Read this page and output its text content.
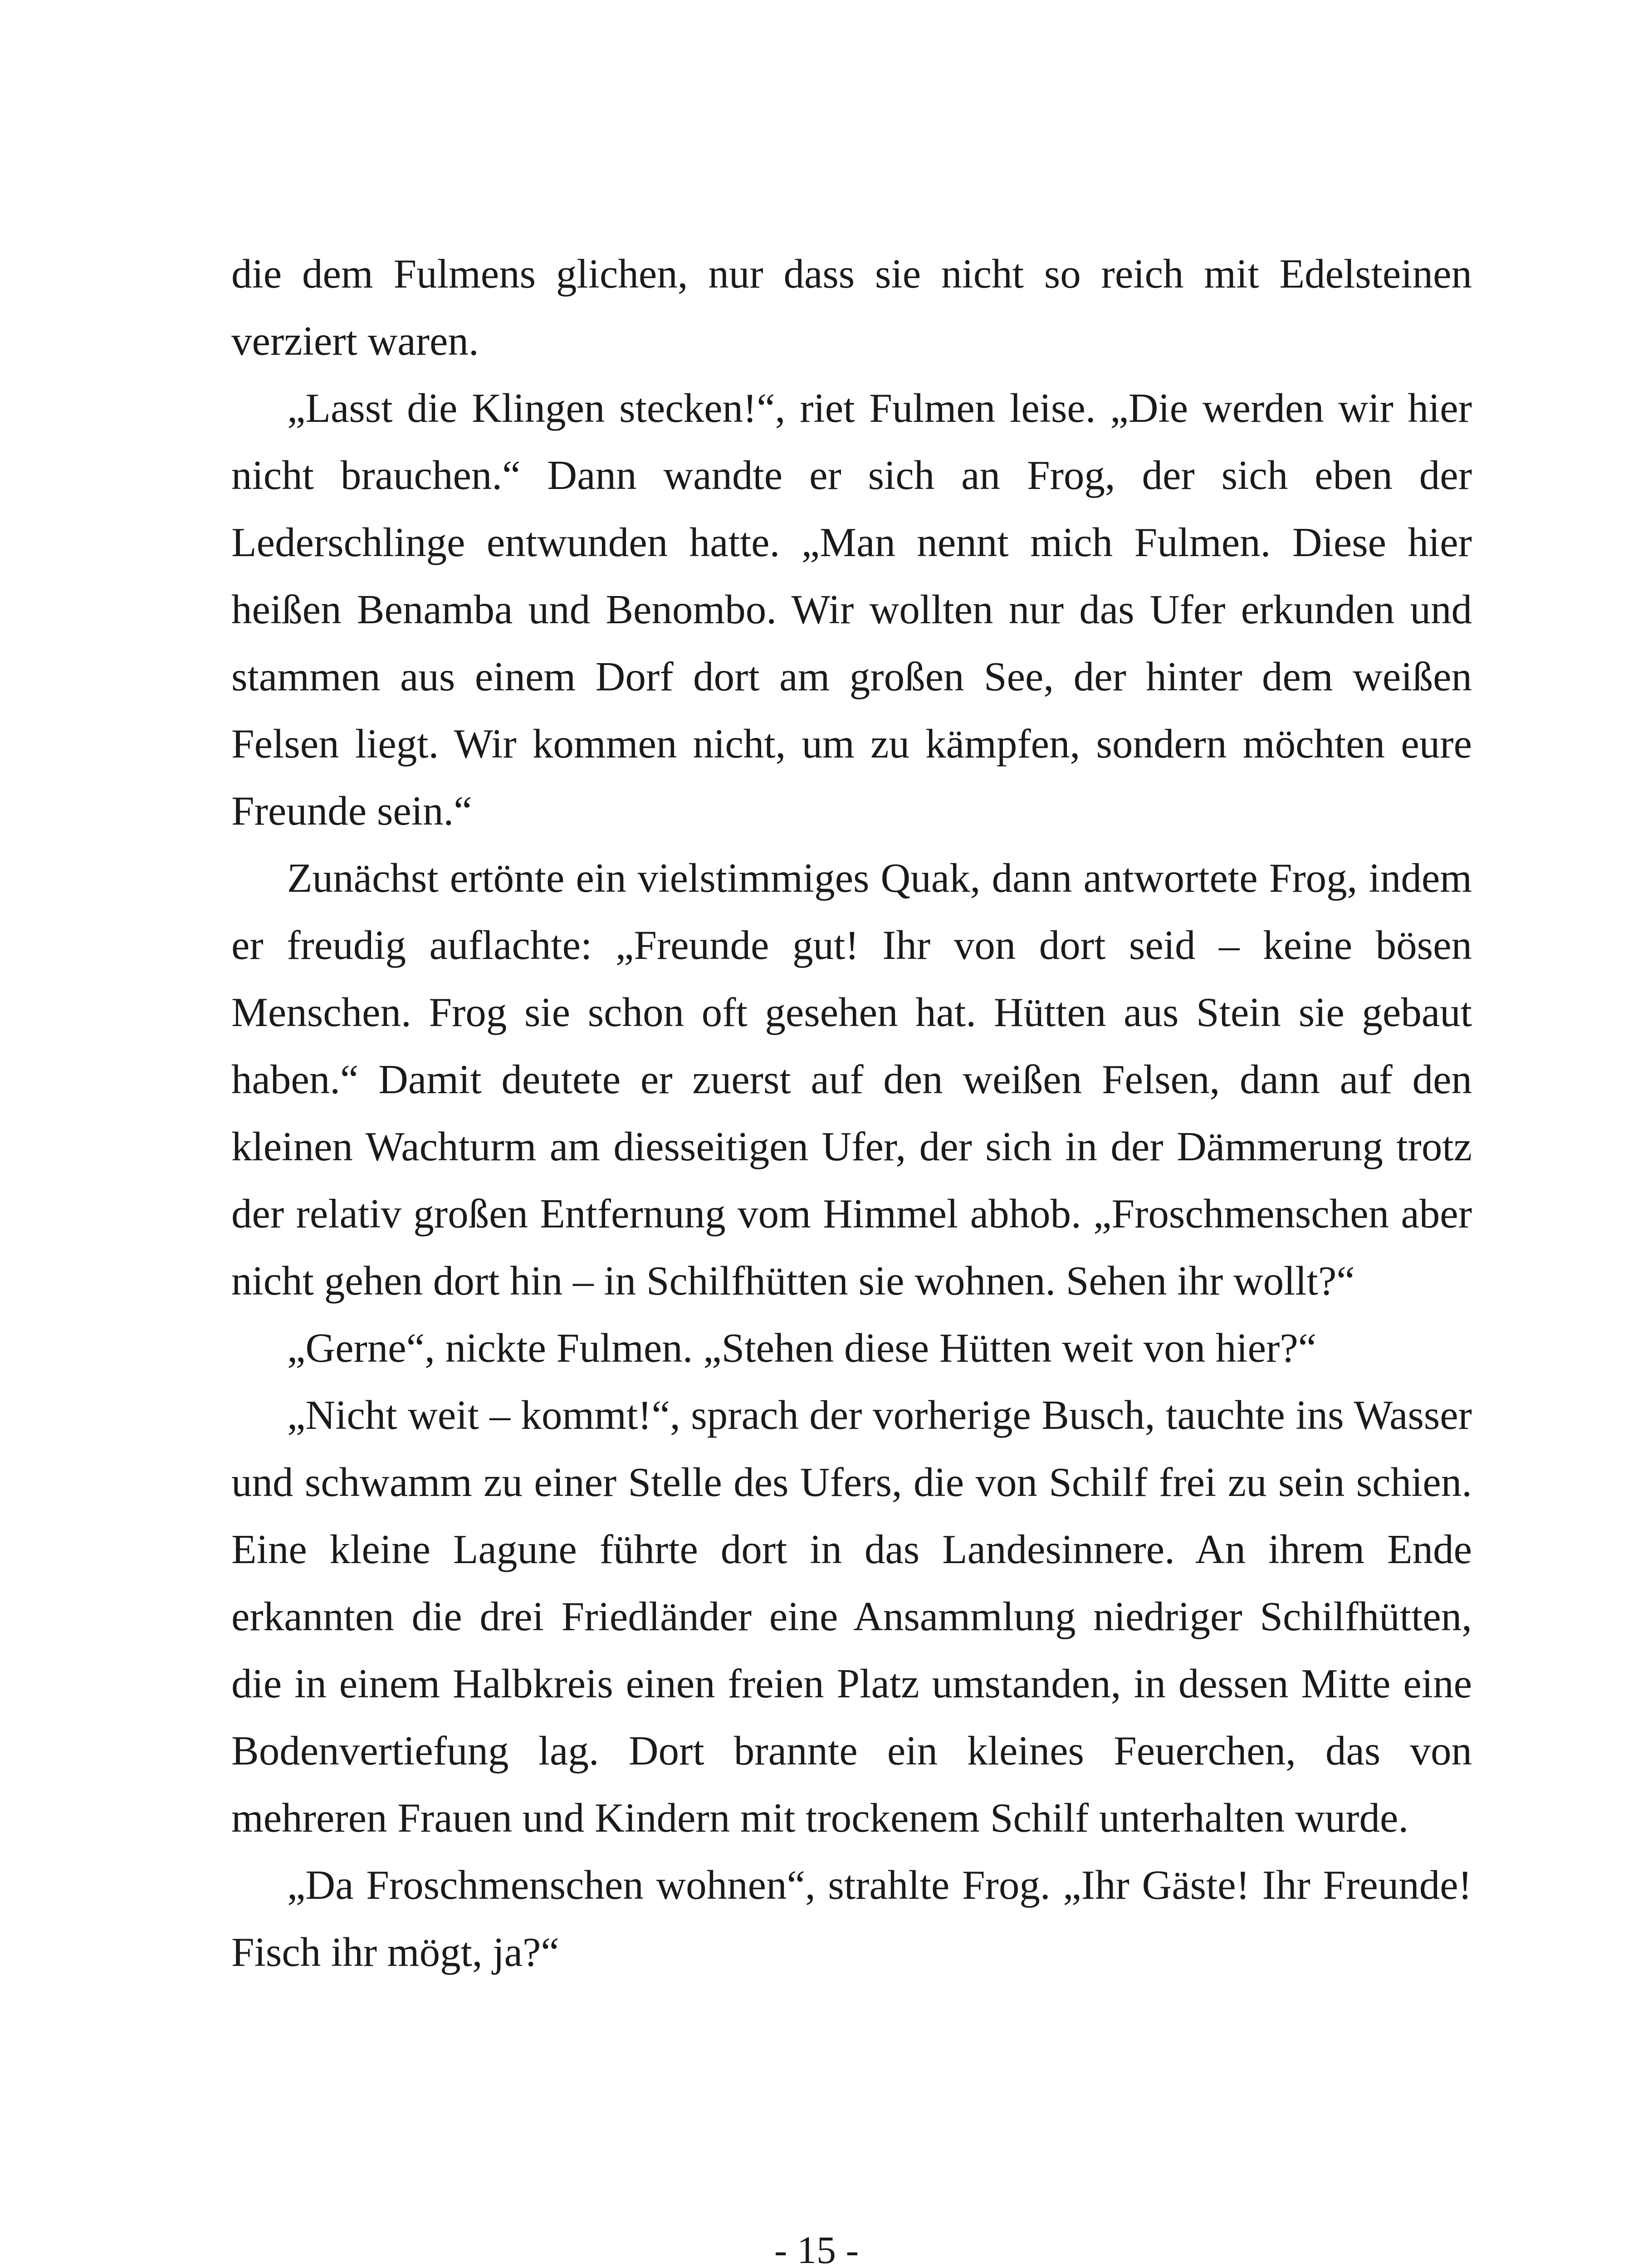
die dem Fulmens glichen, nur dass sie nicht so reich mit Edelsteinen verziert waren.

„Lasst die Klingen stecken!“, riet Fulmen leise. „Die werden wir hier nicht brauchen.“ Dann wandte er sich an Frog, der sich eben der Lederschlinge entwunden hatte. „Man nennt mich Fulmen. Diese hier heißen Benamba und Benombo. Wir wollten nur das Ufer erkunden und stammen aus einem Dorf dort am großen See, der hinter dem weißen Felsen liegt. Wir kommen nicht, um zu kämpfen, sondern möchten eure Freunde sein.“

Zunächst ertönte ein vielstimmiges Quak, dann antwortete Frog, indem er freudig auflachte: „Freunde gut! Ihr von dort seid – keine bösen Menschen. Frog sie schon oft gesehen hat. Hütten aus Stein sie gebaut haben.“ Damit deutete er zuerst auf den weißen Felsen, dann auf den kleinen Wachturm am diesseitigen Ufer, der sich in der Dämmerung trotz der relativ großen Entfernung vom Himmel abhob. „Froschmenschen aber nicht gehen dort hin – in Schilfhütten sie wohnen. Sehen ihr wollt?“

„Gerne“, nickte Fulmen. „Stehen diese Hütten weit von hier?“

„Nicht weit – kommt!“, sprach der vorherige Busch, tauchte ins Wasser und schwamm zu einer Stelle des Ufers, die von Schilf frei zu sein schien. Eine kleine Lagune führte dort in das Landesinnere. An ihrem Ende erkannten die drei Friedländer eine Ansammlung niedriger Schilfhütten, die in einem Halbkreis einen freien Platz umstanden, in dessen Mitte eine Bodenvertiefung lag. Dort brannte ein kleines Feuerchen, das von mehreren Frauen und Kindern mit trockenem Schilf unterhalten wurde.

„Da Froschmenschen wohnen“, strahlte Frog. „Ihr Gäste! Ihr Freunde! Fisch ihr mögt, ja?“

- 15 -
